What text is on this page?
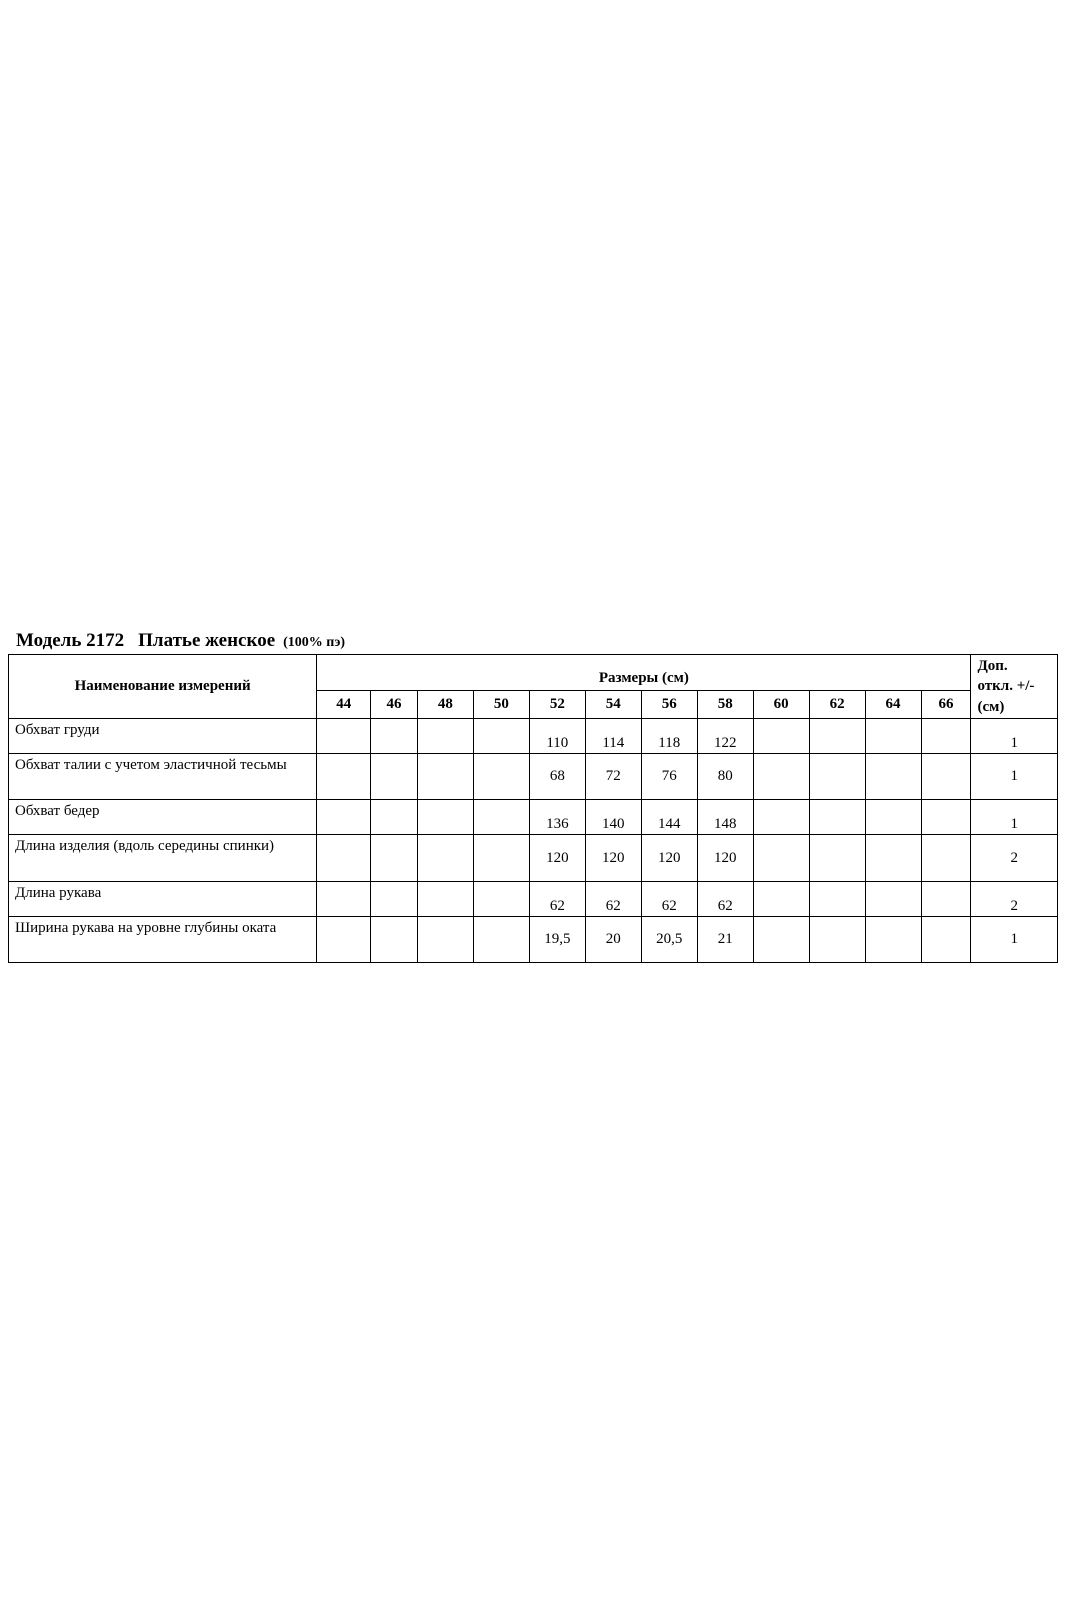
Модель 2172 Платье женское (100% пэ)
Наименование измерений	Размеры (см)												Доп.
откл. +/-
(см)

	44	46	48	50	52	54	56	58	60	62	64	66	
Обхват груди					110	114	118	122					1
Обхват талии с учетом эластичной тесьмы					68	72	76	80					1
Обхват бедер					136	140	144	148					1
Длина изделия (вдоль середины спинки)					120	120	120	120					2
Длина рукава					62	62	62	62					2
Ширина рукава на уровне глубины оката					19,5	20	20,5	21					1
